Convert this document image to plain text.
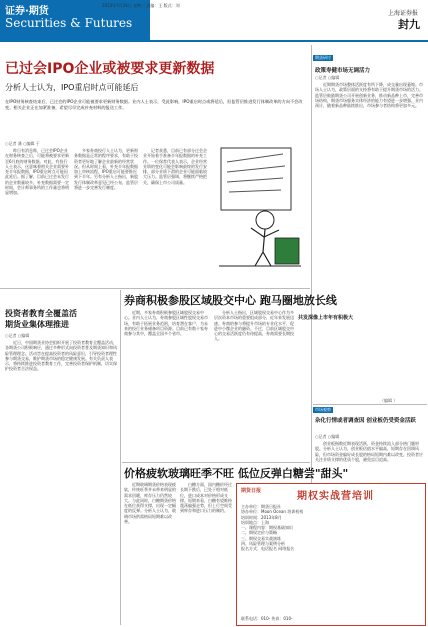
证券·期货
Securities & Futures
2013年7月24日 星期三 责编：王 版式：刘
上海证券报
封九
已过会IPO企业或被要求更新数据
分析人士认为，IPO重启时点可能延后
在IPO财务核查结束后，已过会的IPO企业可能被要求更新财务数据。业内人士表示，受此影响，IPO重启时点或将延后，但监管层推进发行体制改革的方向不会改变。相关企业正在加紧准备，希望尽早完成补充材料的报送工作。
○记者 潘 ○编辑 于

昨日有消息称，已过会IPO企业在财务核查之后，可能将被要求更新至6月底的财务数据。对此，有投行人士表示，这意味着相关企业需要补充半年报数据，IPO重启时点可能因此延后。据了解，目前已过会未发行的企业数量较多，补充数据需要一定时间，会计师事务所的工作量也将明显增加。

多家券商投行人士认为，更新财务数据是正常的程序要求，有助于投资者更好地了解企业最新的经营状况。但从时间上看，补充半年报数据加上审核流程，IPO重启可能要推迟到下半年。另有分析人士指出，新股发行体制改革意见已经公布，监管层将进一步完善发行制度。

记者获悉，目前已有部分过会企业开始着手准备半年报数据的补充工作。一位保荐代表人表示，企业经营业绩的变化可能会影响最终的发行安排，部分业绩下滑的企业可能面临较大压力。监管层强调，将继续严格把关，确保上市公司质量。

投资者教育全覆盖活
期货业集体理推进
○记者 ○编辑

近日，中国期货业协会组织开展了投资者教育全覆盖活动，各期货公司积极响应，通过多种形式向投资者普及期货知识和风险管理理念。活动旨在提高投资者的风险意识，引导投资者理性参与期货交易，维护期货市场的稳定健康发展。有关负责人表示，将持续推进投资者教育工作，完善投资者保护机制，切实保护投资者合法权益。

券商积极参股区域股交中心 跑马圈地放长线

近期，多家券商积极参股区域股权交易中心。业内人士认为，券商参股区域性股权交易市场，有助于拓展业务范围，培育潜在客户，为未来的投行业务储备项目资源。目前已有数十家券商参与其中，覆盖全国多个省市。

分析人士指出，区域股权交易中心作为多层次资本市场的重要组成部分，近年来发展迅速。券商的参与将提升市场的专业化水平，促进中小微企业的融资。不过，目前区域股交中心的交易活跃度仍有待提高，券商需要长期投入。

共发深像上市年有积极大

价格疲软玻璃旺季不旺 低位反弹白糖尝"甜头"

近期玻璃期货价格表现疲软，传统旺季并未带来明显的需求回暖，库存压力仍然较大。与此同时，白糖期货价格在低位获得支撑，出现一定幅度的反弹。分析人士认为，玻璃市场供需格局短期难以改善。

白糖方面，国内糖价经过长期下跌后，已处于相对低位，进口成本对价格形成支撑。短期来看，白糖有望维持震荡偏强走势，但上行空间受到库存和进口压力的制约。

期货研讨
政策寿健市场无调活力
○记者 ○编辑

近期期货市场整体活跃度有所下降，成交量出现萎缩。市场人士认为，政策层面的支持将有助于提升期货市场的活力。监管层鼓励期货公司开展创新业务，推动新品种上市，完善市场结构，期货市场服务实体经济的能力有望进一步增强。业内预计，随着新品种陆续推出，市场参与者结构将更加多元。

（编辑 ）
市场观察
杂化行情或者调查因 创业板仍受资金活跃
○记者 ○编辑

创业板指数近期表现活跃，资金持续流入部分热门题材股。分析人士认为，创业板估值水平偏高，短期存在回调风险，但市场资金偏好成长股的格局短期内难以改变。投资者应关注业绩支撑的优质个股，避免盲目追高。

期货日报	期权实战营培训
主办单位：期货日报社
协办单位：Moon Ocean 培训机构
培训时间：2013年8月
培训地点：上海
一、课程内容：期权基础知识
二、期权定价与策略
三、期权交易实战演练
四、风险管理与案例分析
报名方式：电话报名 网络报名
联系电话：010- 传真：010-
